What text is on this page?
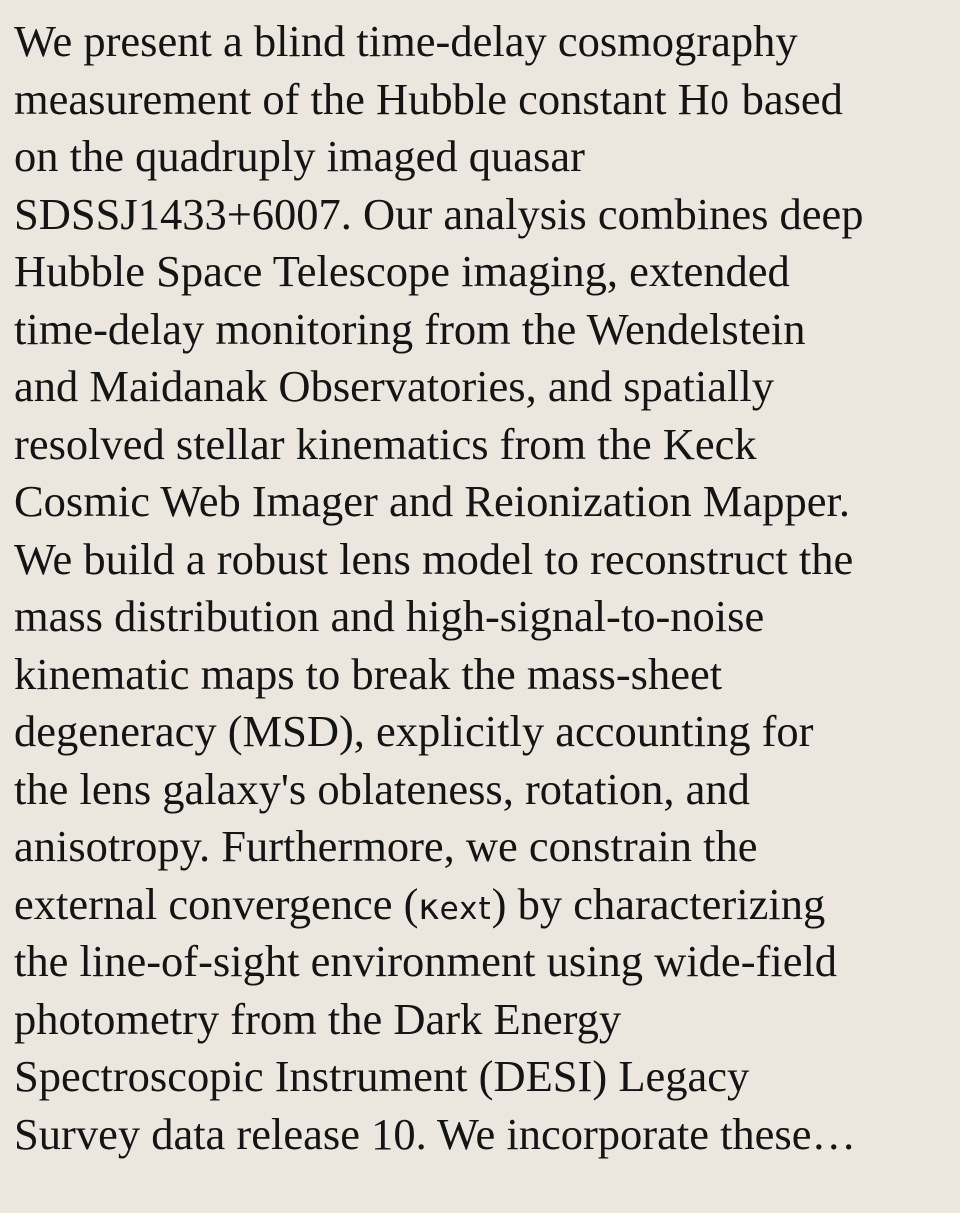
We present a blind time-delay cosmography
measurement of the Hubble constant H0 based
on the quadruply imaged quasar
SDSSJ1433+6007. Our analysis combines deep
Hubble Space Telescope imaging, extended
time-delay monitoring from the Wendelstein
and Maidanak Observatories, and spatially
resolved stellar kinematics from the Keck
Cosmic Web Imager and Reionization Mapper.
We build a robust lens model to reconstruct the
mass distribution and high-signal-to-noise
kinematic maps to break the mass-sheet
degeneracy (MSD), explicitly accounting for
the lens galaxy's oblateness, rotation, and
anisotropy. Furthermore, we constrain the
external convergence (κext) by characterizing
the line-of-sight environment using wide-field
photometry from the Dark Energy
Spectroscopic Instrument (DESI) Legacy
Survey data release 10. We incorporate these…
